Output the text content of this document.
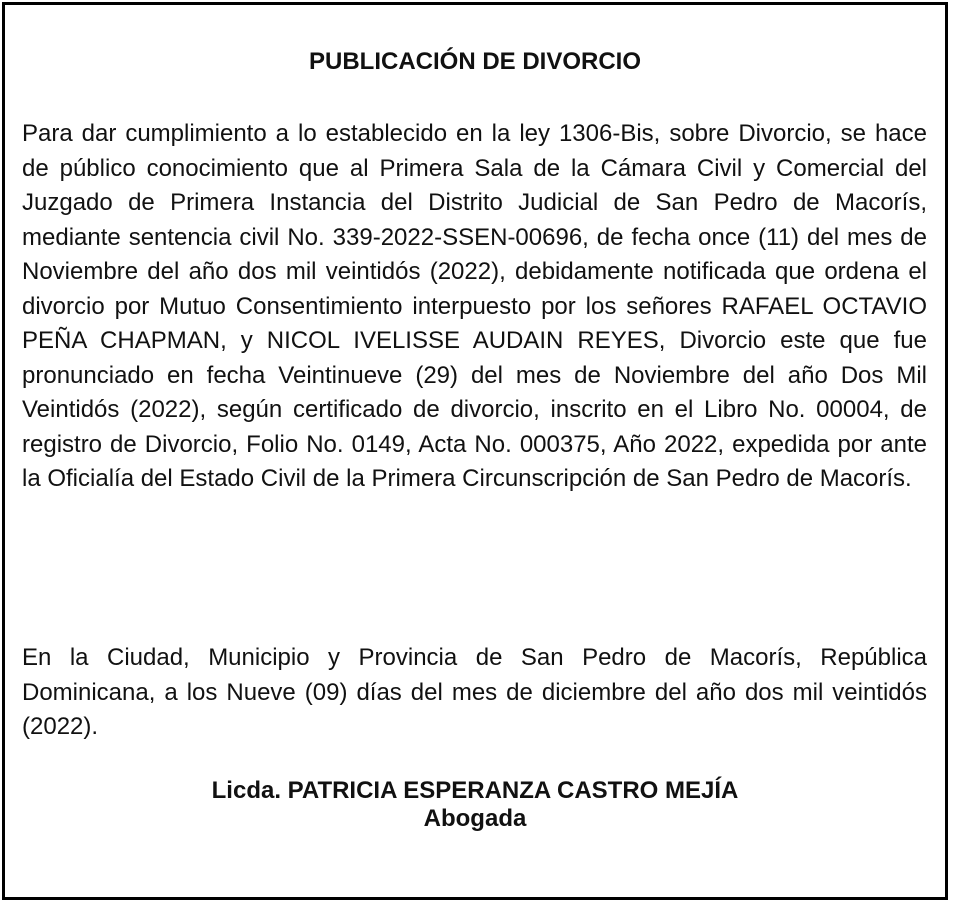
PUBLICACIÓN DE DIVORCIO

Para dar cumplimiento a lo establecido en la ley 1306-Bis, sobre Divorcio, se hace de público conocimiento que al Primera Sala de la Cámara Civil y Comercial del Juzgado de Primera Instancia del Distrito Judicial de San Pedro de Macorís, mediante sentencia civil No. 339-2022-SSEN-00696, de fecha once (11) del mes de Noviembre del año dos mil veintidós (2022), debidamente notificada que ordena el divorcio por Mutuo Consentimiento interpuesto por los señores RAFAEL OCTAVIO PEÑA CHAPMAN, y NICOL IVELISSE AUDAIN REYES, Divorcio este que fue pronunciado en fecha Veintinueve (29) del mes de Noviembre del año Dos Mil Veintidós (2022), según certificado de divorcio, inscrito en el Libro No. 00004, de registro de Divorcio, Folio No. 0149, Acta No. 000375, Año 2022, expedida por ante la Oficialía del Estado Civil de la Primera Circunscripción de San Pedro de Macorís.

En la Ciudad, Municipio y Provincia de San Pedro de Macorís, República Dominicana, a los Nueve (09) días del mes de diciembre del año dos mil veintidós (2022).

Licda. PATRICIA ESPERANZA CASTRO MEJÍA
Abogada
